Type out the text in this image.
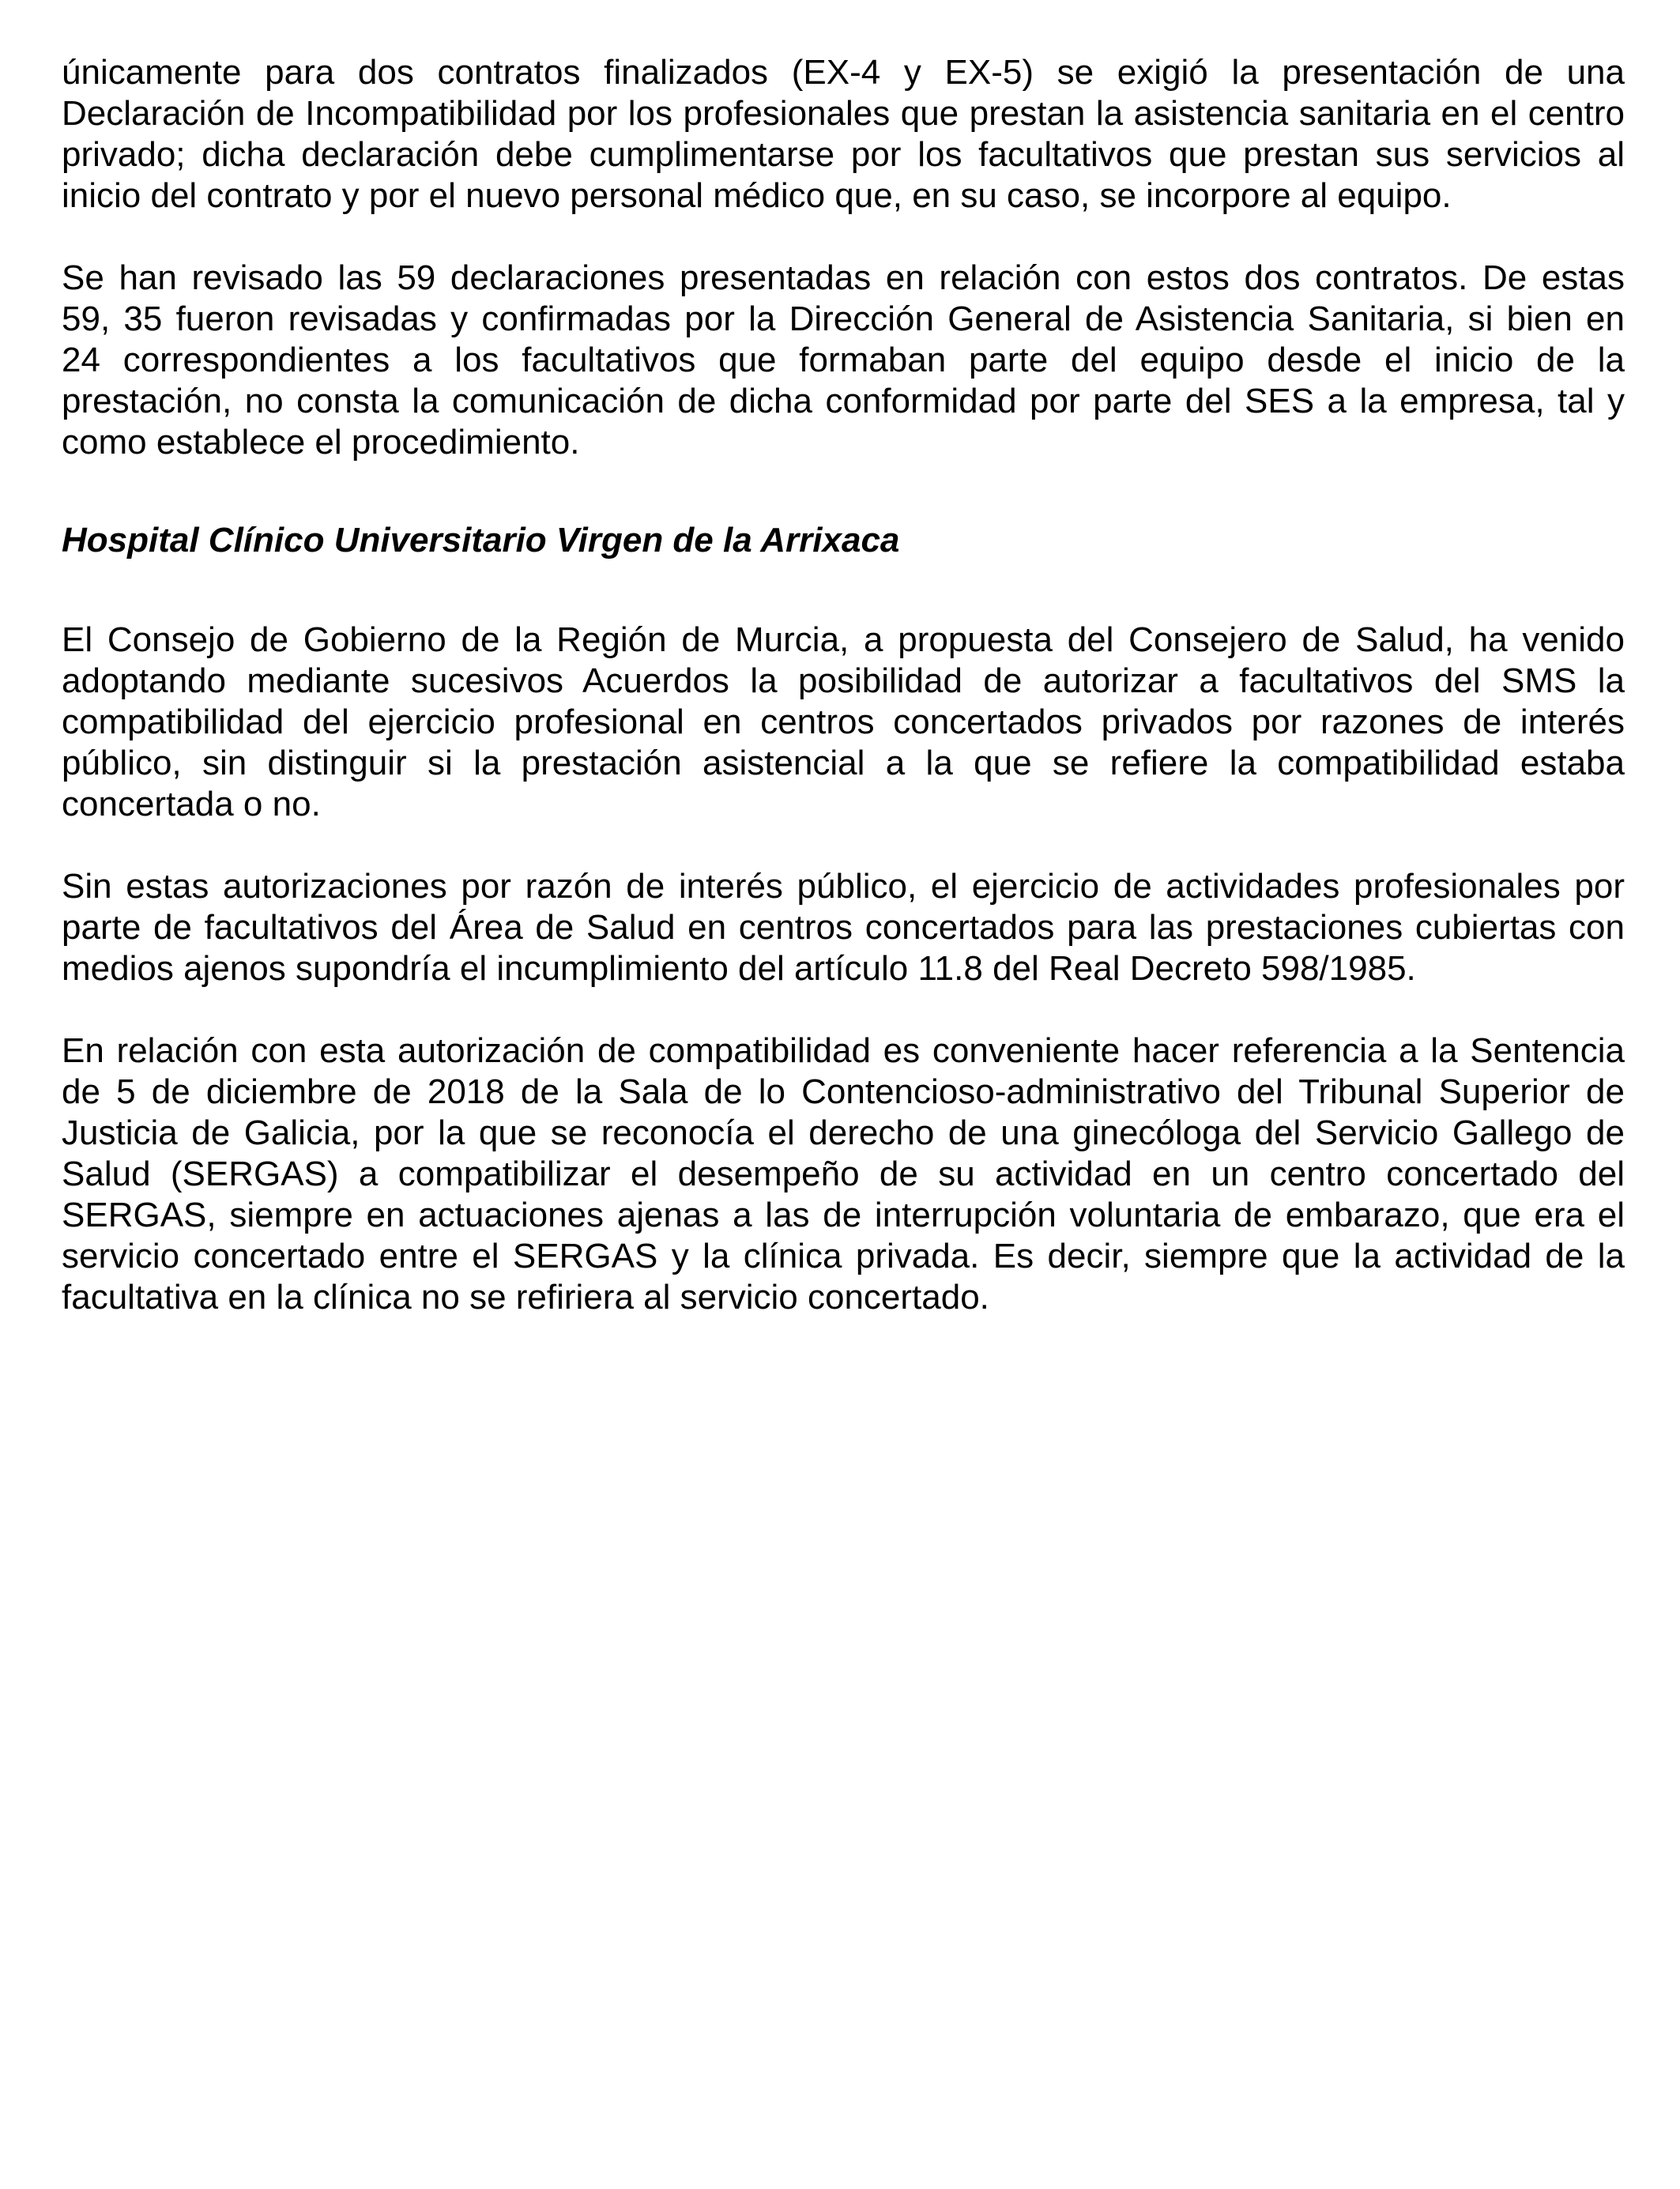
únicamente para dos contratos finalizados (EX-4 y EX-5) se exigió la presentación de una
Declaración de Incompatibilidad por los profesionales que prestan la asistencia sanitaria en el centro
privado; dicha declaración debe cumplimentarse por los facultativos que prestan sus servicios al
inicio del contrato y por el nuevo personal médico que, en su caso, se incorpore al equipo.

Se han revisado las 59 declaraciones presentadas en relación con estos dos contratos. De estas
59, 35 fueron revisadas y confirmadas por la Dirección General de Asistencia Sanitaria, si bien en
24 correspondientes a los facultativos que formaban parte del equipo desde el inicio de la
prestación, no consta la comunicación de dicha conformidad por parte del SES a la empresa, tal y
como establece el procedimiento.

Hospital Clínico Universitario Virgen de la Arrixaca

El Consejo de Gobierno de la Región de Murcia, a propuesta del Consejero de Salud, ha venido
adoptando mediante sucesivos Acuerdos la posibilidad de autorizar a facultativos del SMS la
compatibilidad del ejercicio profesional en centros concertados privados por razones de interés
público, sin distinguir si la prestación asistencial a la que se refiere la compatibilidad estaba
concertada o no.

Sin estas autorizaciones por razón de interés público, el ejercicio de actividades profesionales por
parte de facultativos del Área de Salud en centros concertados para las prestaciones cubiertas con
medios ajenos supondría el incumplimiento del artículo 11.8 del Real Decreto 598/1985.

En relación con esta autorización de compatibilidad es conveniente hacer referencia a la Sentencia
de 5 de diciembre de 2018 de la Sala de lo Contencioso-administrativo del Tribunal Superior de
Justicia de Galicia, por la que se reconocía el derecho de una ginecóloga del Servicio Gallego de
Salud (SERGAS) a compatibilizar el desempeño de su actividad en un centro concertado del
SERGAS, siempre en actuaciones ajenas a las de interrupción voluntaria de embarazo, que era el
servicio concertado entre el SERGAS y la clínica privada. Es decir, siempre que la actividad de la
facultativa en la clínica no se refiriera al servicio concertado.
